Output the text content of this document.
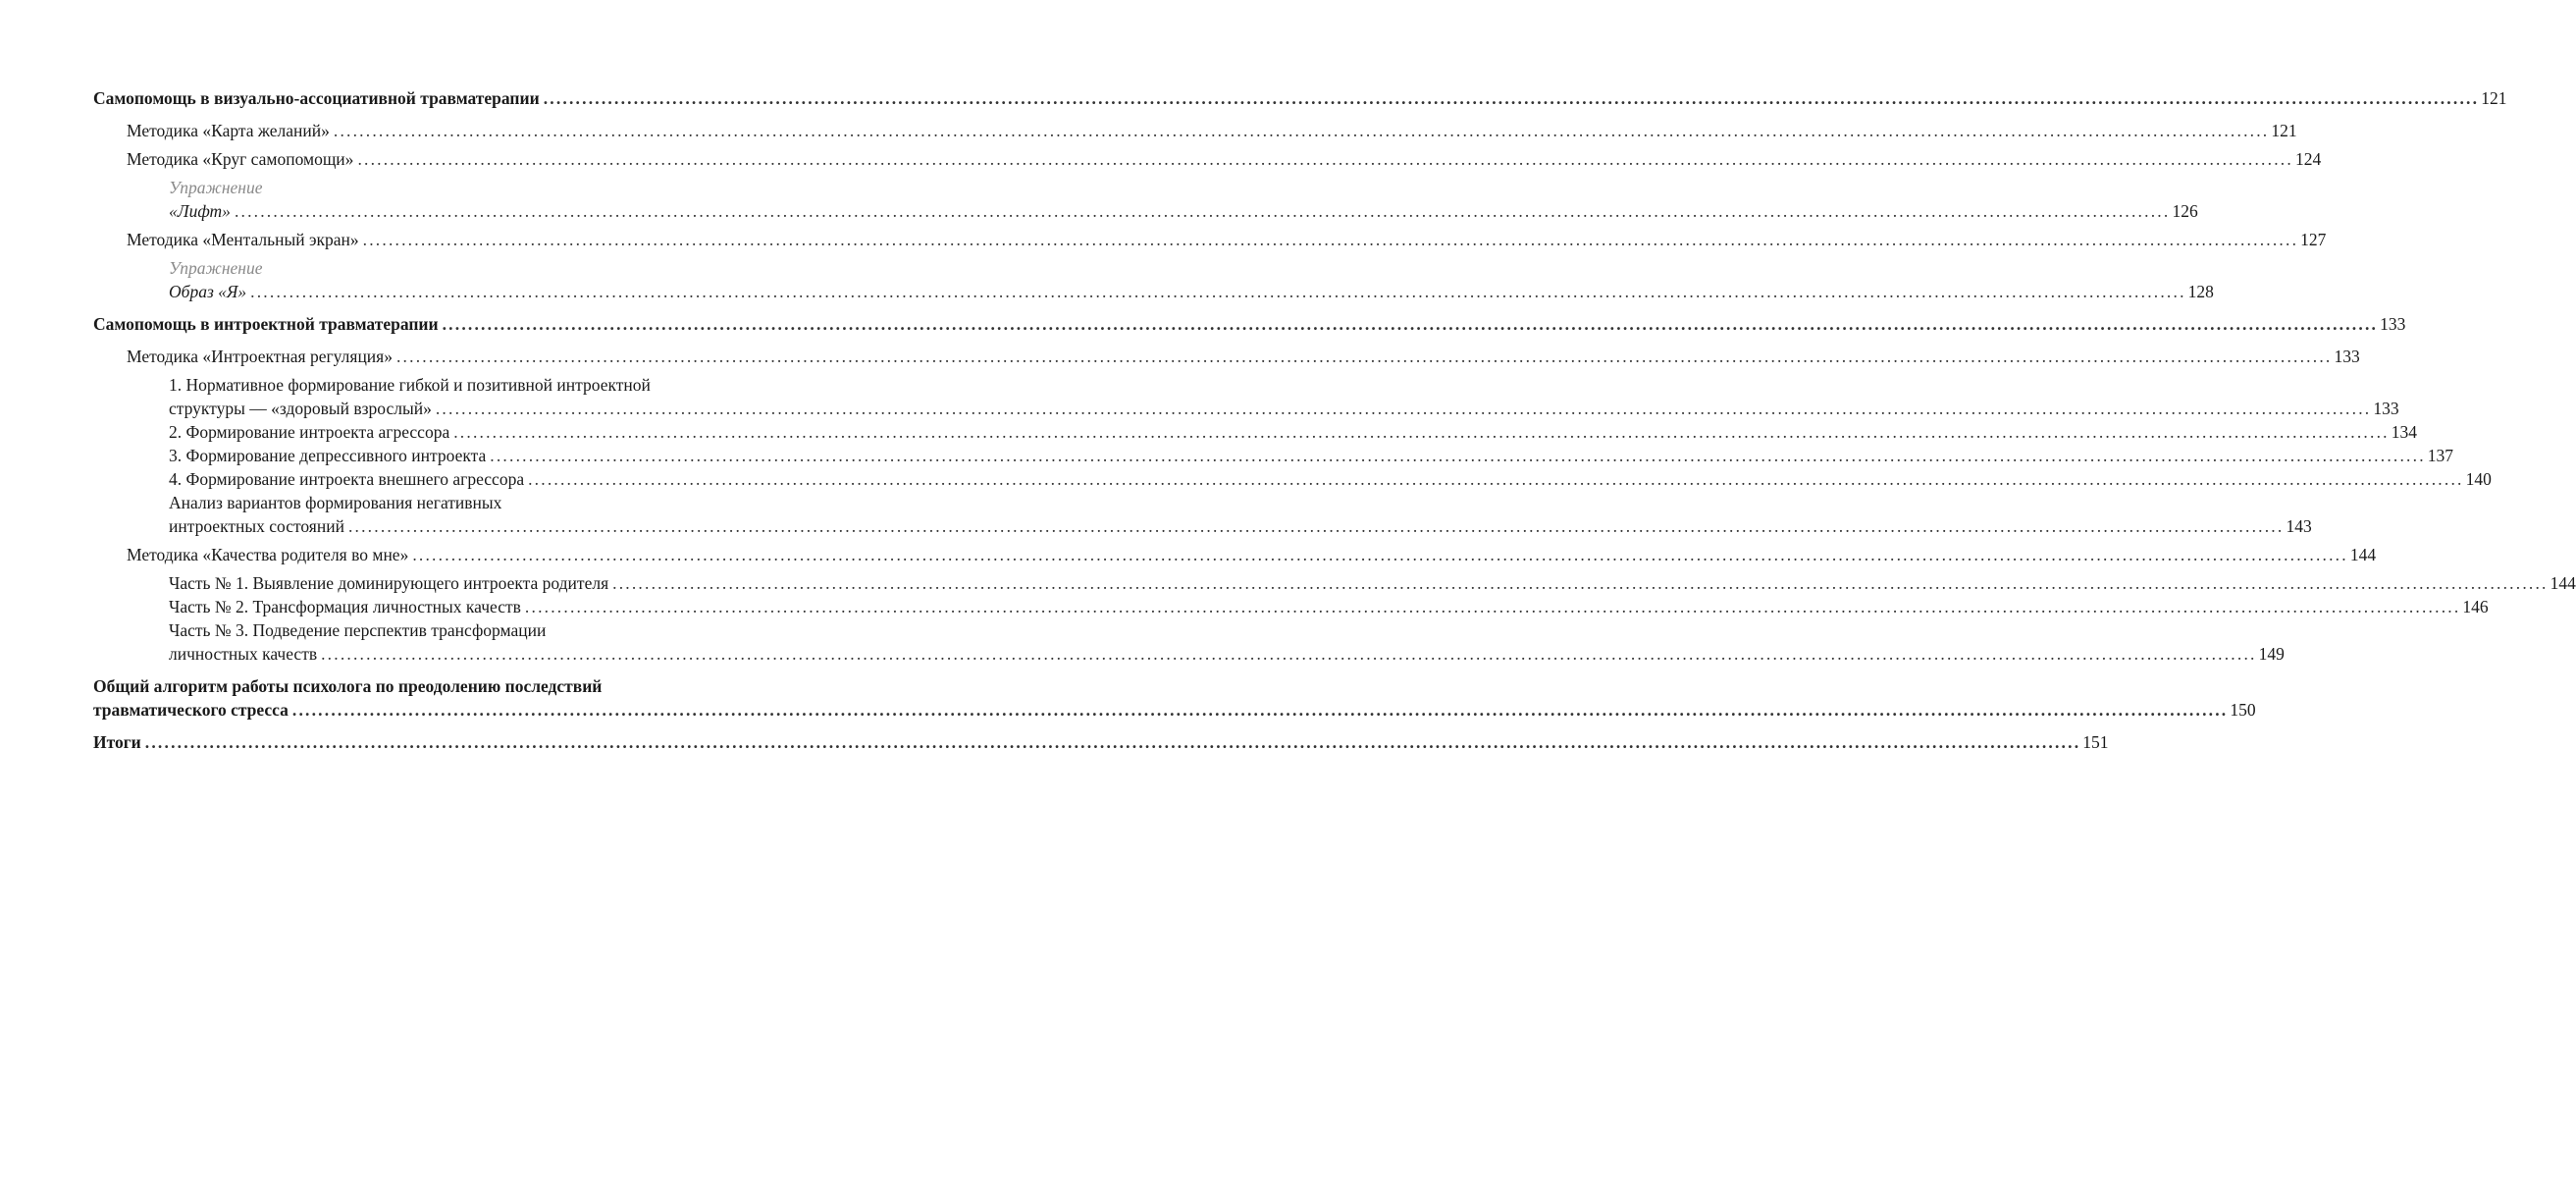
Самопомощь в визуально-ассоциативной травматерапии ............................................................................................................................................................................................................................................................................................................ 121
Методика «Карта желаний» ............................................................................................................................................................................................................................................................................................................ 121
Методика «Круг самопомощи» ............................................................................................................................................................................................................................................................................................................ 124
Упражнение
«Лифт» ............................................................................................................................................................................................................................................................................................................ 126
Методика «Ментальный экран» ............................................................................................................................................................................................................................................................................................................ 127
Упражнение
Образ «Я» ............................................................................................................................................................................................................................................................................................................ 128
Самопомощь в интроектной травматерапии ............................................................................................................................................................................................................................................................................................................ 133
Методика «Интроектная регуляция» ............................................................................................................................................................................................................................................................................................................ 133
1. Нормативное формирование гибкой и позитивной интроектной
структуры — «здоровый взрослый» ............................................................................................................................................................................................................................................................................................................ 133
2. Формирование интроекта агрессора ............................................................................................................................................................................................................................................................................................................ 134
3. Формирование депрессивного интроекта ............................................................................................................................................................................................................................................................................................................ 137
4. Формирование интроекта внешнего агрессора ............................................................................................................................................................................................................................................................................................................ 140
Анализ вариантов формирования негативных
интроектных состояний ............................................................................................................................................................................................................................................................................................................ 143
Методика «Качества родителя во мне» ............................................................................................................................................................................................................................................................................................................ 144
Часть № 1. Выявление доминирующего интроекта родителя ............................................................................................................................................................................................................................................................................................................ 144
Часть № 2. Трансформация личностных качеств ............................................................................................................................................................................................................................................................................................................ 146
Часть № 3. Подведение перспектив трансформации
личностных качеств ............................................................................................................................................................................................................................................................................................................ 149
Общий алгоритм работы психолога по преодолению последствий
травматического стресса ............................................................................................................................................................................................................................................................................................................ 150
Итоги ............................................................................................................................................................................................................................................................................................................ 151
